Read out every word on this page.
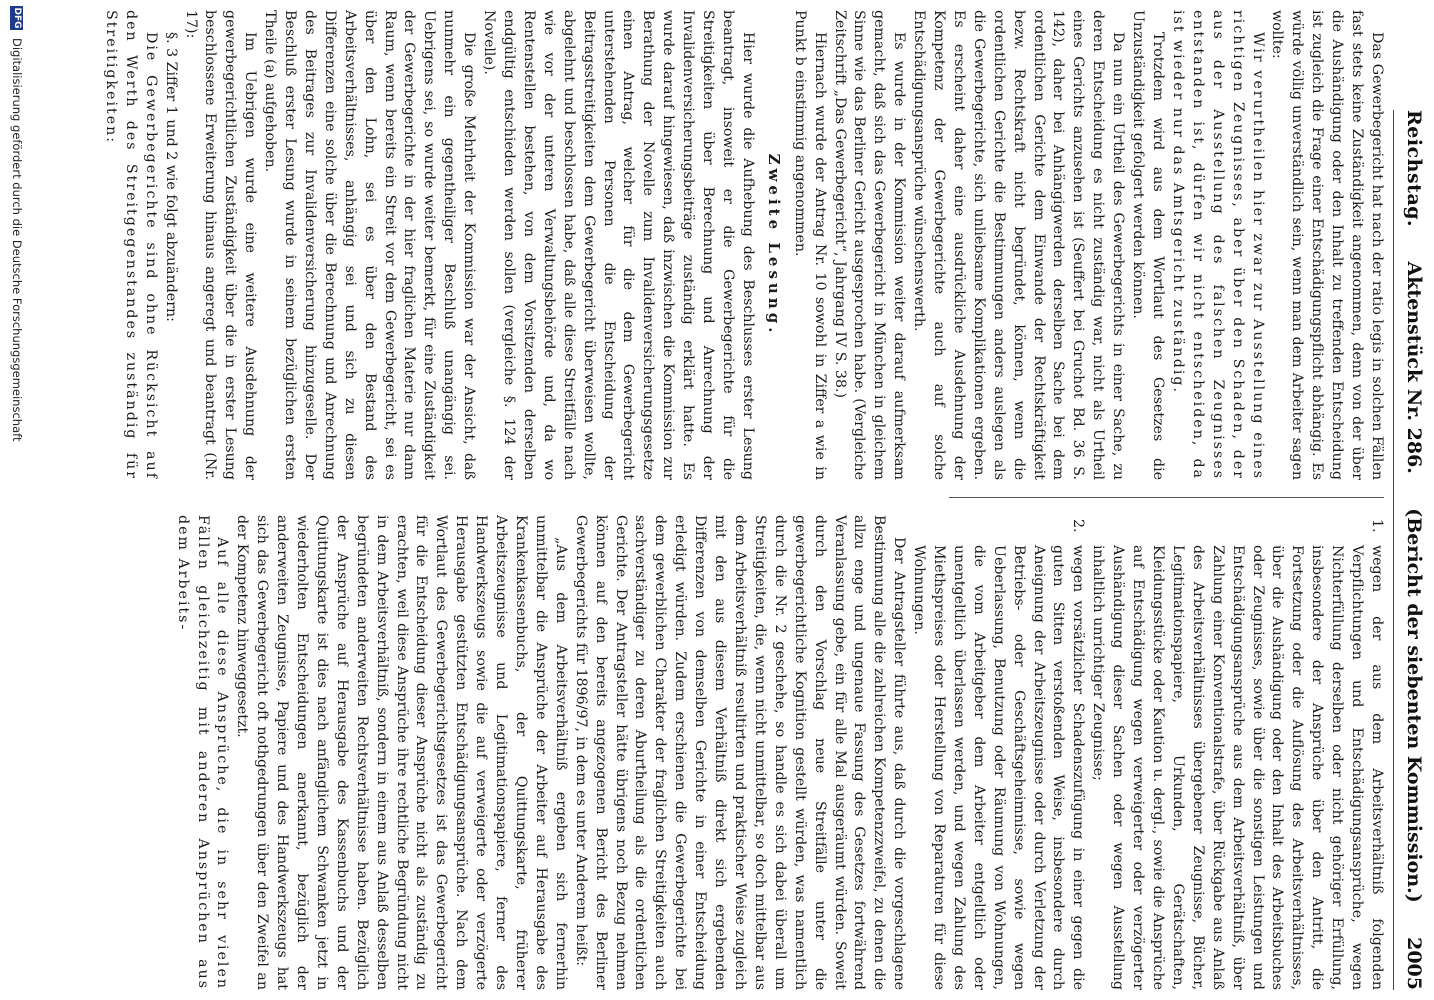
Reichstag.
Aktenstück Nr. 286.
(Bericht der siebenten Kommission.)
2005

Das Gewerbegericht hat nach der ratio legis in solchen Fällen fast stets keine Zuständigkeit angenommen, denn von der über die Aushändigung oder den Inhalt zu treffenden Entscheidung ist zugleich die Frage einer Entschädigungspflicht abhängig. Es würde völlig unverständlich sein, wenn man dem Arbeiter sagen wollte:

Wir verurtheilen hier zwar zur Ausstellung eines richtigen Zeugnisses, aber über den Schaden, der aus der Ausstellung des falschen Zeugnisses entstanden ist, dürfen wir nicht entscheiden, da ist wieder nur das Amtsgericht zuständig.

Trotzdem wird aus dem Wortlaut des Gesetzes die Unzuständigkeit gefolgert werden können.

Da nun ein Urtheil des Gewerbegerichts in einer Sache, zu deren Entscheidung es nicht zuständig war, nicht als Urtheil eines Gerichts anzusehen ist (Seuffert bei Gruchot Bd. 36 S. 142), daher bei Anhängigwerden derselben Sache bei dem ordentlichen Gerichte dem Einwande der Rechtskräftigkeit bezw. Rechtskraft nicht begründet, können, wenn die ordentlichen Gerichte die Bestimmungen anders auslegen als die Gewerbegerichte, sich unliebsame Komplikationen ergeben. Es erscheint daher eine ausdrückliche Ausdehnung der Kompetenz der Gewerbegerichte auch auf solche Entschädigungsansprüche wünschenswerth.

Es wurde in der Kommission weiter darauf aufmerksam gemacht, daß sich das Gewerbegericht in München in gleichem Sinne wie das Berliner Gericht ausgesprochen habe. (Vergleiche Zeitschrift „Das Gewerbegericht“, Jahrgang IV S. 38.)

Hiernach wurde der Antrag Nr. 10 sowohl in Ziffer a wie in Punkt b einstimmig angenommen.

Zweite Lesung.

Hier wurde die Aufhebung des Beschlusses erster Lesung beantragt, insoweit er die Gewerbegerichte für die Streitigkeiten über Berechnung und Anrechnung der Invalidenversicherungsbeiträge zuständig erklärt hatte. Es wurde darauf hingewiesen, daß inzwischen die Kommission zur Berathung der Novelle zum Invalidenversicherungsgesetze einen Antrag, welcher für die dem Gewerbegericht unterstehenden Personen die Entscheidung der Beitragsstreitigkeiten dem Gewerbegericht überweisen wollte, abgelehnt und beschlossen habe, daß alle diese Streitfälle nach wie vor der unteren Verwaltungsbehörde und, da wo Rentenstellen bestehen, von dem Vorsitzenden derselben endgültig entschieden werden sollen (vergleiche §. 124 der Novelle).

Die große Mehrheit der Kommission war der Ansicht, daß nunmehr ein gegentheiliger Beschluß unangängig sei. Uebrigens sei, so wurde weiter bemerkt, für eine Zuständigkeit der Gewerbegerichte in der hier fraglichen Materie nur dann Raum, wenn bereits ein Streit vor dem Gewerbegericht, sei es über den Lohn, sei es über den Bestand des Arbeitsverhältnisses, anhängig sei und sich zu diesen Differenzen eine solche über die Berechnung und Anrechnung des Beitrages zur Invalidenversicherung hinzugeselle. Der Beschluß erster Lesung wurde in seinem bezüglichen ersten Theile (a) aufgehoben.

Im Uebrigen wurde eine weitere Ausdehnung der gewerbegerichtlichen Zuständigkeit über die in erster Lesung beschlossene Erweiterung hinaus angeregt und beantragt (Nr. 17):

§. 3 Ziffer 1 und 2 wie folgt abzuändern:

Die Gewerbegerichte sind ohne Rücksicht auf den Werth des Streitgegenstandes zuständig für Streitigkeiten:

1.
wegen der aus dem Arbeitsverhältniß folgenden Verpflichtungen und Entschädigungsansprüche, wegen Nichterfüllung derselben oder nicht gehöriger Erfüllung, insbesondere der Ansprüche über den Antritt, die Fortsetzung oder die Auflösung des Arbeitsverhältnisses, über die Aushändigung oder den Inhalt des Arbeitsbuches oder Zeugnisses, sowie über die sonstigen Leistungen und Entschädigungsansprüche aus dem Arbeitsverhältniß, über Zahlung einer Konventionalstrafe, über Rückgabe aus Anlaß des Arbeitsverhältnisses übergebener Zeugnisse, Bücher, Legitimationspapiere, Urkunden, Gerätschaften, Kleidungsstücke oder Kaution u. dergl., sowie die Ansprüche auf Entschädigung wegen verweigerter oder verzögerter Aushändigung dieser Sachen oder wegen Ausstellung inhaltlich unrichtiger Zeugnisse;

2.
wegen vorsätzlicher Schadenszufügung in einer gegen die guten Sitten verstoßenden Weise, insbesondere durch Aneignung der Arbeitszeugnisse oder durch Verletzung der Betriebs- oder Geschäftsgeheimnisse, sowie wegen Ueberlassung, Benutzung oder Räumung von Wohnungen, die vom Arbeitgeber dem Arbeiter entgeltlich oder unentgeltlich überlassen werden, und wegen Zahlung des Miethspreises oder Herstellung von Reparaturen für diese Wohnungen.

Der Antragsteller führte aus, daß durch die vorgeschlagene Bestimmung alle die zahlreichen Kompetenzzweifel, zu denen die allzu enge und ungenaue Fassung des Gesetzes fortwährend Veranlassung gebe, ein für alle Mal ausgeräumt würden. Soweit durch den Vorschlag neue Streitfälle unter die gewerbegerichtliche Kognition gestellt würden, was namentlich durch die Nr. 2 geschehe, so handle es sich dabei überall um Streitigkeiten, die, wenn nicht unmittelbar, so doch mittelbar aus dem Arbeitsverhältniß resultirten und praktischer Weise zugleich mit den aus diesem Verhältniß direkt sich ergebenden Differenzen von demselben Gerichte in einer Entscheidung erledigt würden. Zudem erschienen die Gewerbegerichte bei dem gewerblichen Charakter der fraglichen Streitigkeiten auch sachverständiger zu deren Aburtheilung als die ordentlichen Gerichte. Der Antragsteller hätte übrigens noch Bezug nehmen können auf den bereits angezogenen Bericht des Berliner Gewerbegerichts für 1896/97, in dem es unter Anderem heißt:

„Aus dem Arbeitsverhältniß ergeben sich fernerhin unmittelbar die Ansprüche der Arbeiter auf Herausgabe des Krankenkassenbuchs, der Quittungskarte, früherer Arbeitszeugnisse und Legitimationspapiere, ferner des Handwerkszeugs sowie die auf verweigerte oder verzögerte Herausgabe gestützten Entschädigungsansprüche. Nach dem Wortlaut des Gewerbegerichtsgesetzes ist das Gewerbegericht für die Entscheidung dieser Ansprüche nicht als zuständig zu erachten, weil diese Ansprüche ihre rechtliche Begründung nicht in dem Arbeitsverhältniß, sondern in einem aus Anlaß desselben begründeten anderweiten Rechtsverhältnisse haben. Bezüglich der Ansprüche auf Herausgabe des Kassenbuchs und der Quittungskarte ist dies nach anfänglichem Schwanken jetzt in wiederholten Entscheidungen anerkannt, bezüglich der anderweiten Zeugnisse, Papiere und des Handwerkszeugs hat sich das Gewerbegericht oft nothgedrungen über den Zweifel an der Kompetenz hinweggesetzt.

Auf alle diese Ansprüche, die in sehr vielen Fällen gleichzeitig mit anderen Ansprüchen aus dem Arbeits-

DFG
Digitalisierung gefördert durch die Deutsche Forschungsgemeinschaft
